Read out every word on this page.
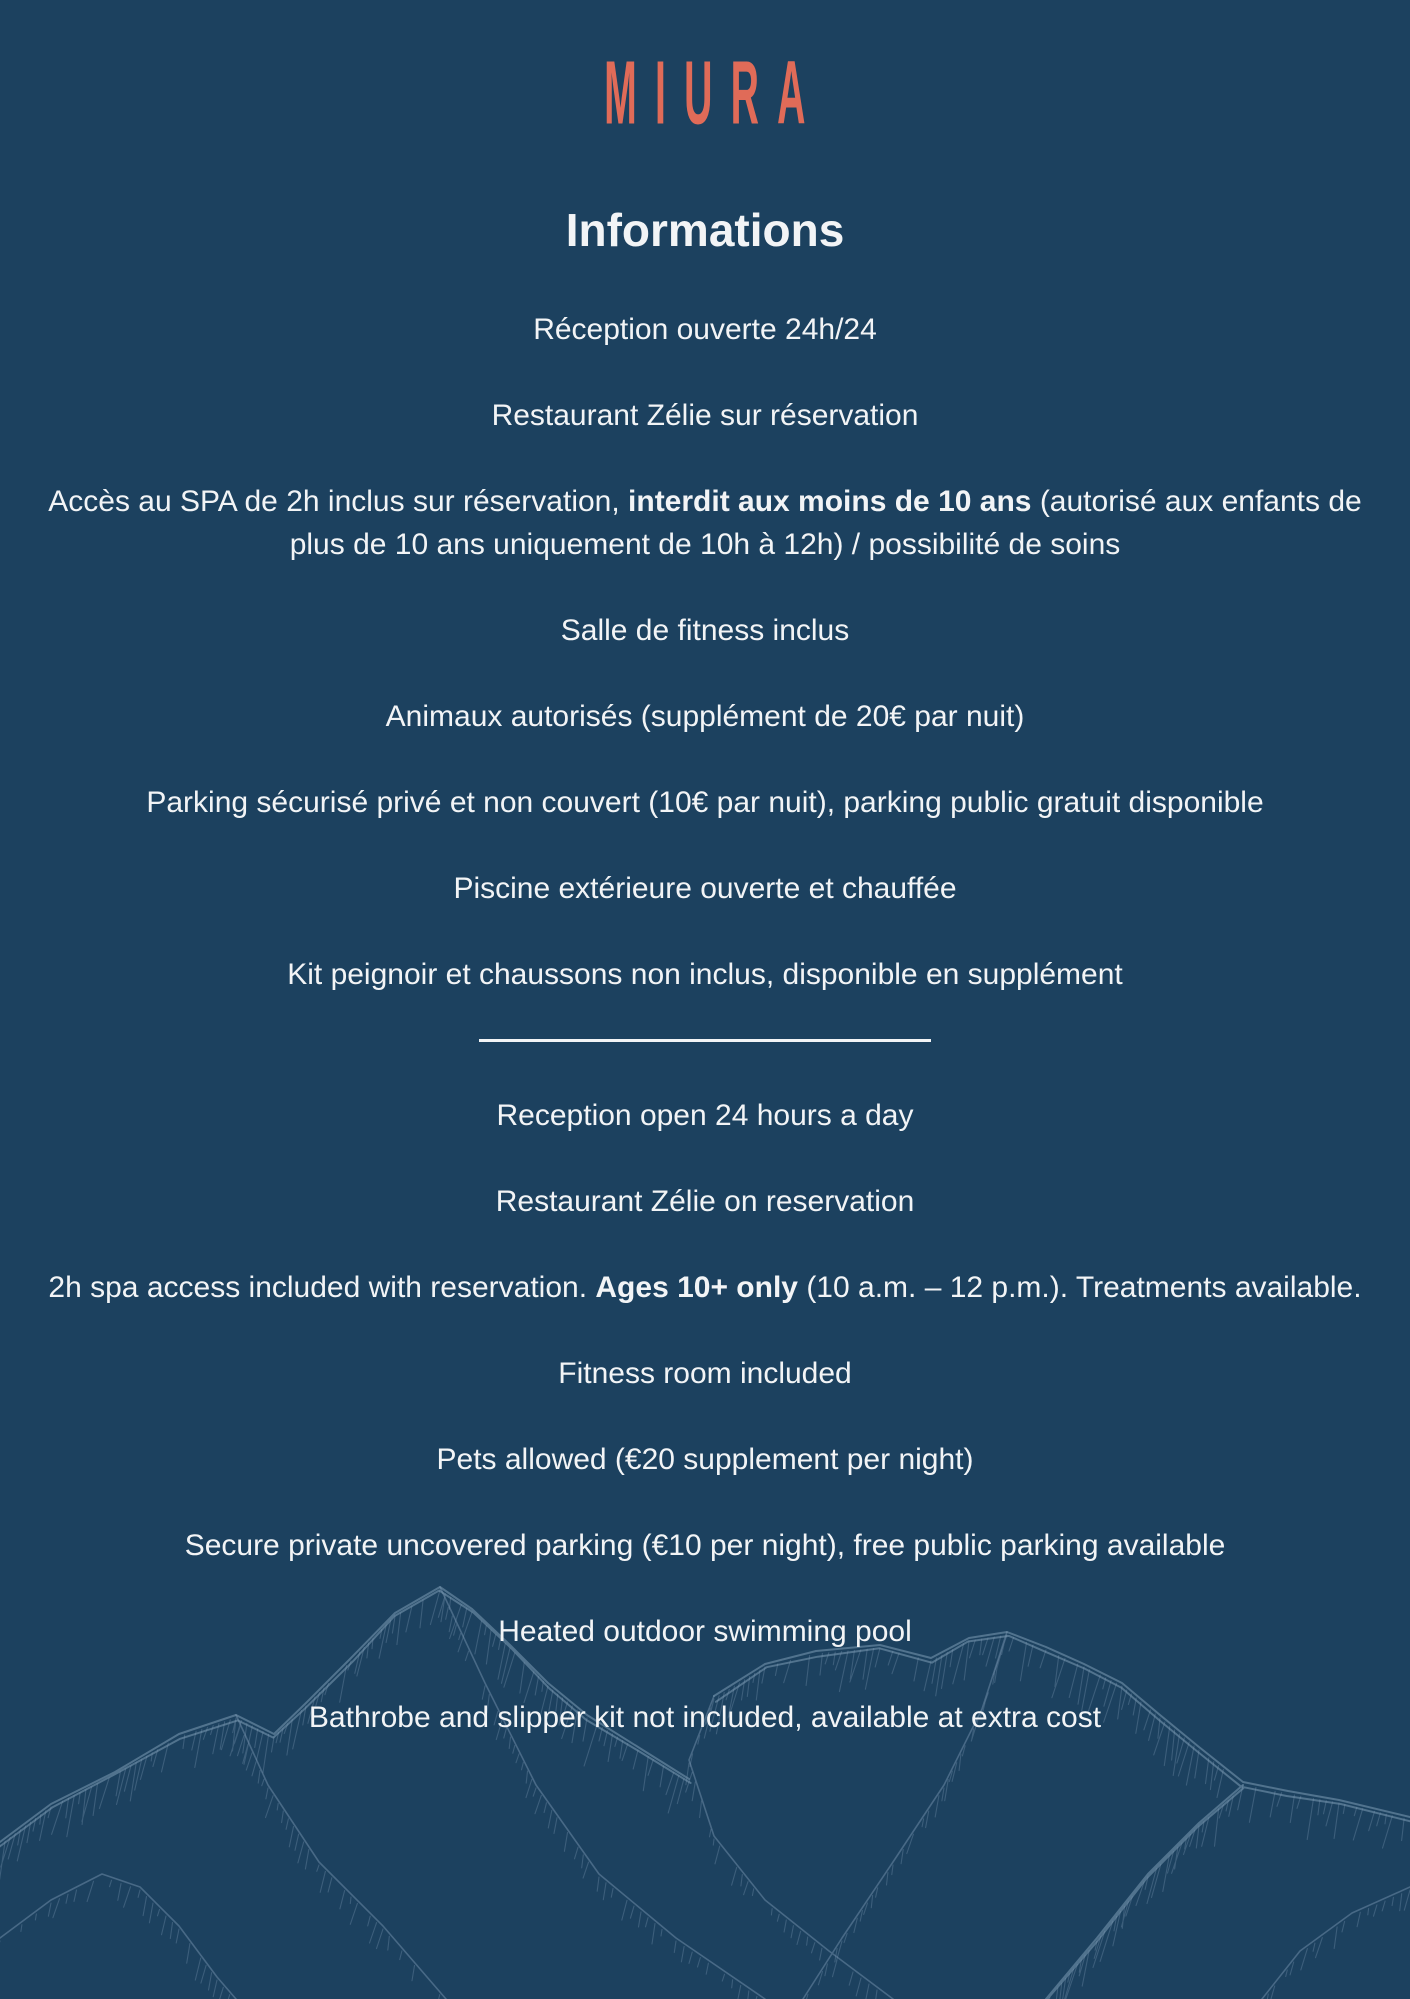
MIURA
Informations

Réception ouverte 24h/24

Restaurant Zélie sur réservation

Accès au SPA de 2h inclus sur réservation, interdit aux moins de 10 ans (autorisé aux enfants de plus de 10 ans uniquement de 10h à 12h) / possibilité de soins

Salle de fitness inclus

Animaux autorisés (supplément de 20€ par nuit)

Parking sécurisé privé et non couvert (10€ par nuit), parking public gratuit disponible

Piscine extérieure ouverte et chauffée

Kit peignoir et chaussons non inclus, disponible en supplément

Reception open 24 hours a day

Restaurant Zélie on reservation

2h spa access included with reservation. Ages 10+ only (10 a.m. – 12 p.m.). Treatments available.

Fitness room included

Pets allowed (€20 supplement per night)

Secure private uncovered parking (€10 per night), free public parking available

Heated outdoor swimming pool

Bathrobe and slipper kit not included, available at extra cost
